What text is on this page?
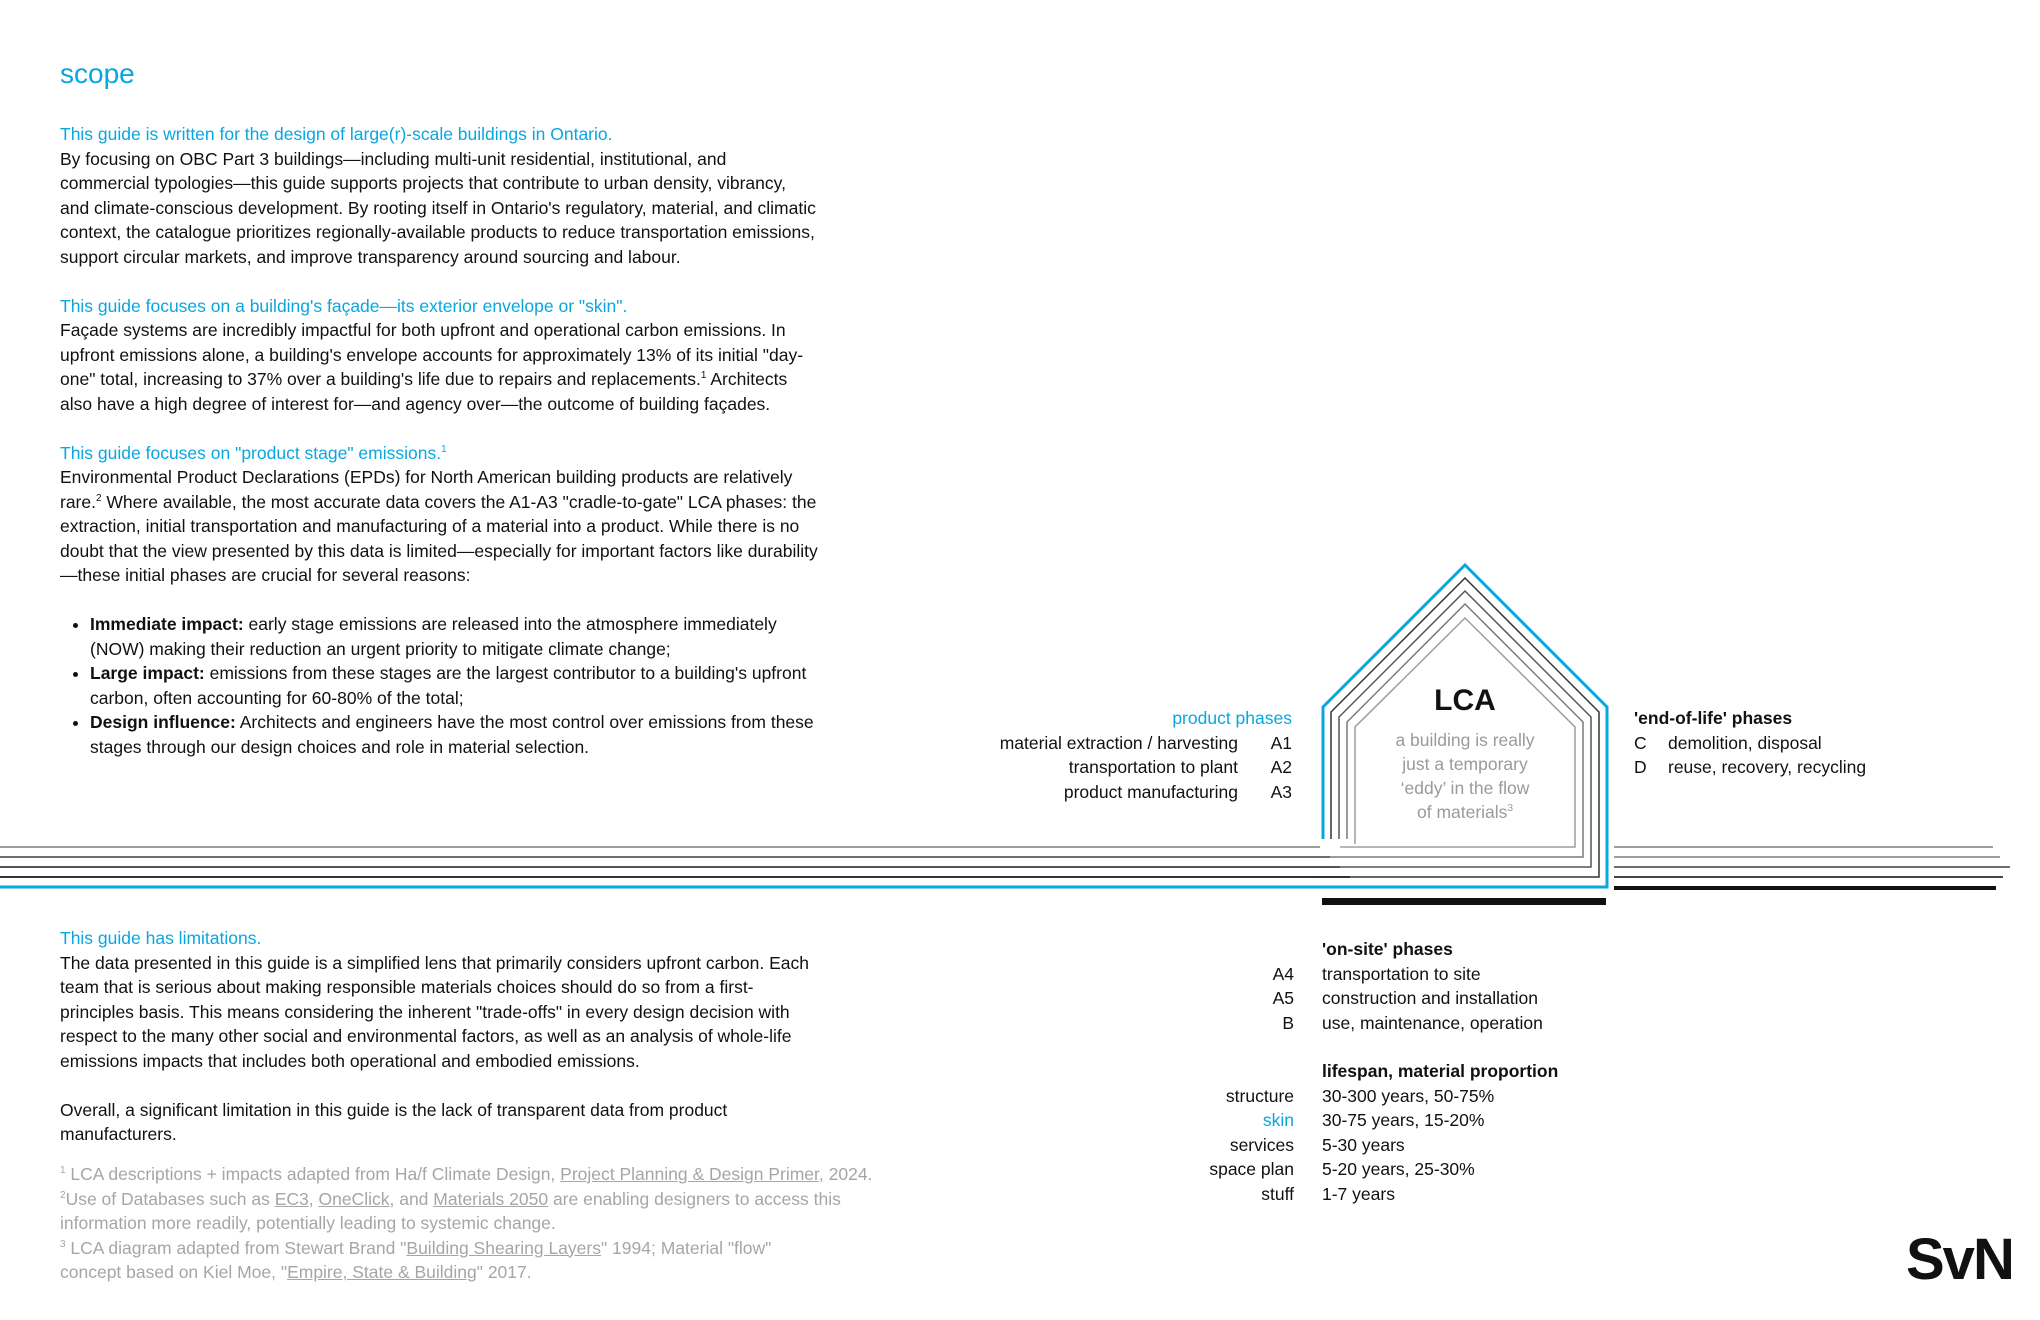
scope
This guide is written for the design of large(r)-scale buildings in Ontario.

By focusing on OBC Part 3 buildings—including multi-unit residential, institutional, and commercial typologies—this guide supports projects that contribute to urban density, vibrancy, and climate-conscious development. By rooting itself in Ontario's regulatory, material, and climatic context, the catalogue prioritizes regionally-available products to reduce transportation emissions, support circular markets, and improve transparency around sourcing and labour.

This guide focuses on a building's façade—its exterior envelope or "skin".

Façade systems are incredibly impactful for both upfront and operational carbon emissions. In upfront emissions alone, a building's envelope accounts for approximately 13% of its initial "day-one" total, increasing to 37% over a building's life due to repairs and replacements.$^1$ Architects also have a high degree of interest for—and agency over—the outcome of building façades.

This guide focuses on "product stage" emissions.$^1$

Environmental Product Declarations (EPDs) for North American building products are relatively rare.$^2$ Where available, the most accurate data covers the A1-A3 "cradle-to-gate" LCA phases: the extraction, initial transportation and manufacturing of a material into a product. While there is no doubt that the view presented by this data is limited—especially for important factors like durability—these initial phases are crucial for several reasons:

• Immediate impact: early stage emissions are released into the atmosphere immediately (NOW) making their reduction an urgent priority to mitigate climate change;
• Large impact: emissions from these stages are the largest contributor to a building's upfront carbon, often accounting for 60-80% of the total;
• Design influence: Architects and engineers have the most control over emissions from these stages through our design choices and role in material selection.
This guide has limitations.

The data presented in this guide is a simplified lens that primarily considers upfront carbon. Each team that is serious about making responsible materials choices should do so from a first-principles basis. This means considering the inherent "trade-offs" in every design decision with respect to the many other social and environmental factors, as well as an analysis of whole-life emissions impacts that includes both operational and embodied emissions.

Overall, a significant limitation in this guide is the lack of transparent data from product manufacturers.

$^1$ LCA descriptions + impacts adapted from Ha/f Climate Design, Project Planning & Design Primer, 2024.
$^2$Use of Databases such as EC3, OneClick, and Materials 2050 are enabling designers to access this information more readily, potentially leading to systemic change.
$^3$ LCA diagram adapted from Stewart Brand "Building Shearing Layers" 1994; Material "flow" concept based on Kiel Moe, "Empire, State & Building" 2017.
LCA
a building is really
just a temporary
‘eddy’ in the flow
of materials$^3$
product phases
material extraction / harvesting	A1
transportation to plant	A2
product manufacturing	A3
'end-of-life' phases
C	demolition, disposal
D	reuse, recovery, recycling
'on-site' phases
A4 transportation to site
A5 construction and installation
B use, maintenance, operation
lifespan, material proportion
structure 30-300 years, 50-75%
skin 30-75 years, 15-20%
services 5-30 years
space plan 5-20 years, 25-30%
stuff 1-7 years
SvN
